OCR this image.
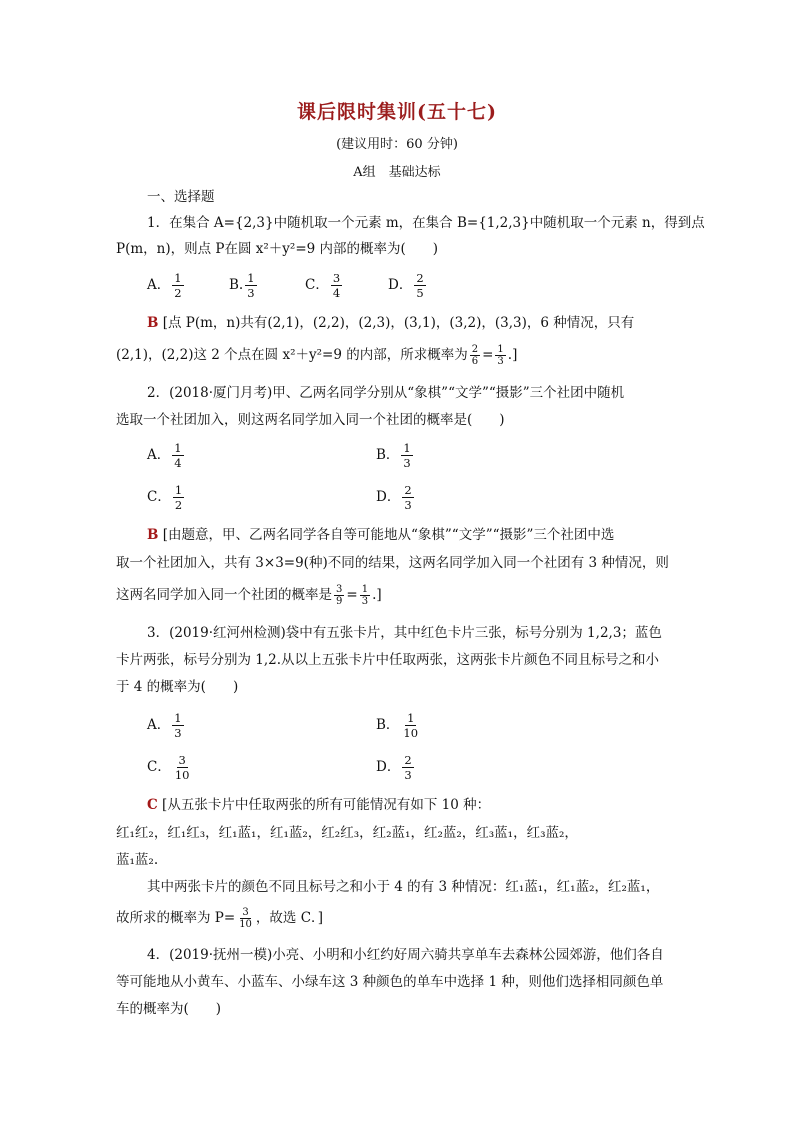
课后限时集训(五十七)
(建议用时：60 分钟)
A组　基础达标
一、选择题
1．在集合 A={2,3}中随机取一个元素 m，在集合 B={1,2,3}中随机取一个元素 n，得到点
P(m，n)，则点 P在圆 x²＋y²=9 内部的概率为(　　)
A． $\frac{1}{2}$	B. $\frac{1}{3}$	C． $\frac{3}{4}$	D． $\frac{2}{5}$
B [点 P(m，n)共有(2,1)，(2,2)，(2,3)，(3,1)，(3,2)，(3,3)，6 种情况，只有
(2,1)，(2,2)这 2 个点在圆 x²＋y²=9 的内部，所求概率为 $\frac{2}{6} = \frac{1}{3}$ .]
2．(2018·厦门月考)甲、乙两名同学分别从“象棋”“文学”“摄影”三个社团中随机
选取一个社团加入，则这两名同学加入同一个社团的概率是(　　)
A． $\frac{1}{4}$	B． $\frac{1}{3}$
C． $\frac{1}{2}$	D． $\frac{2}{3}$
B [由题意，甲、乙两名同学各自等可能地从“象棋”“文学”“摄影”三个社团中选
取一个社团加入，共有 3×3=9(种)不同的结果，这两名同学加入同一个社团有 3 种情况，则
这两名同学加入同一个社团的概率是 $\frac{3}{9} = \frac{1}{3}$ .]
3．(2019·红河州检测)袋中有五张卡片，其中红色卡片三张，标号分别为 1,2,3；蓝色
卡片两张，标号分别为 1,2.从以上五张卡片中任取两张，这两张卡片颜色不同且标号之和小
于 4 的概率为(　　)
A． $\frac{1}{3}$	B． $\frac{1}{10}$
C． $\frac{3}{10}$	D． $\frac{2}{3}$
C [从五张卡片中任取两张的所有可能情况有如下 10 种：
红₁红₂，红₁红₃，红₁蓝₁，红₁蓝₂，红₂红₃，红₂蓝₁，红₂蓝₂，红₃蓝₁，红₃蓝₂，
蓝₁蓝₂.
其中两张卡片的颜色不同且标号之和小于 4 的有 3 种情况：红₁蓝₁，红₁蓝₂，红₂蓝₁，
故所求的概率为 $P= \frac{3}{10}$ ，故选 C．]
4．(2019·抚州一模)小亮、小明和小红约好周六骑共享单车去森林公园郊游，他们各自
等可能地从小黄车、小蓝车、小绿车这 3 种颜色的单车中选择 1 种，则他们选择相同颜色单
车的概率为(　　)
